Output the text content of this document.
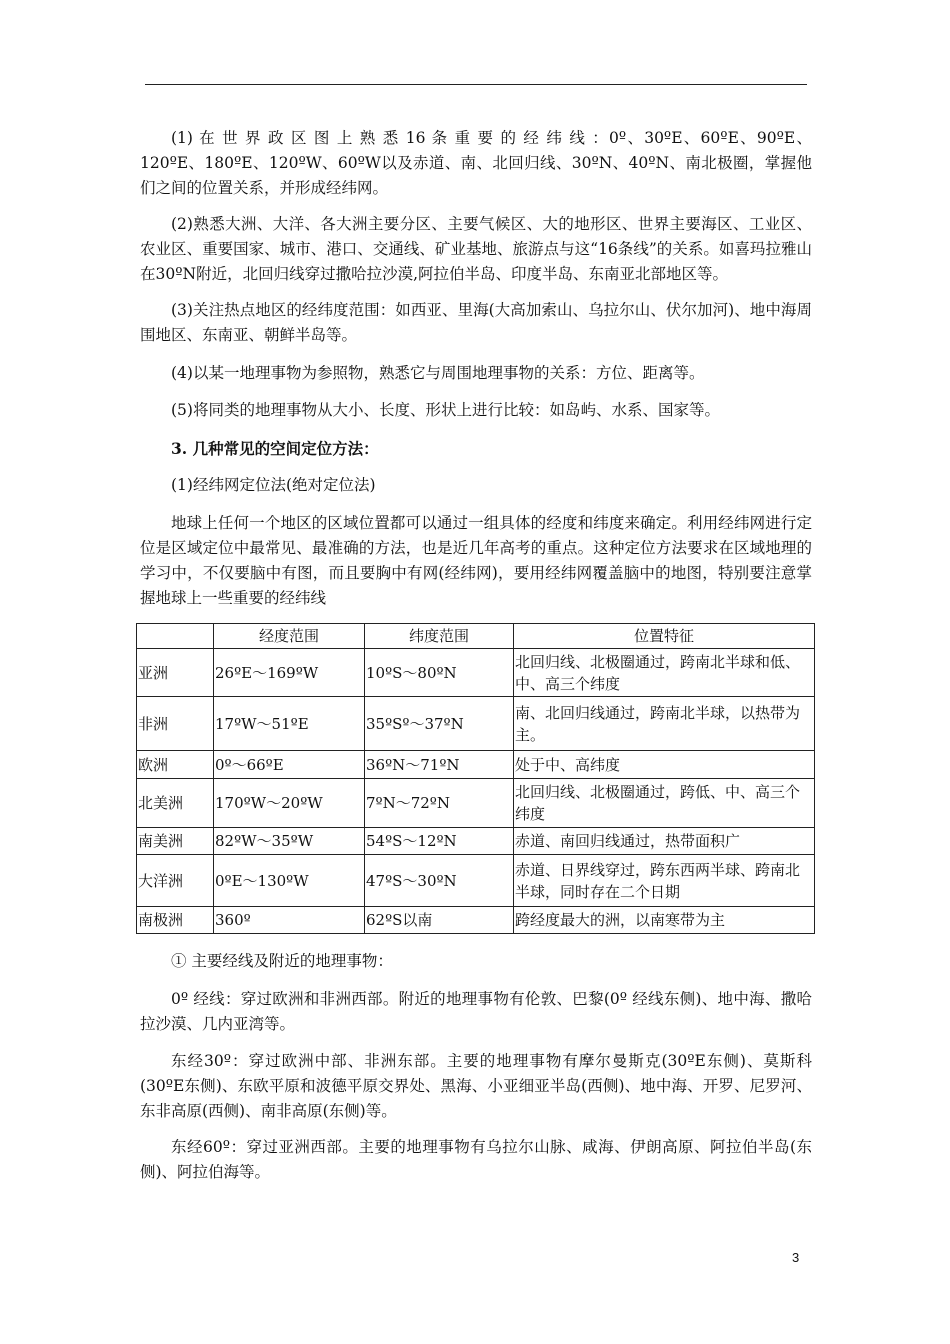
(1) 在 世 界 政 区 图 上 熟 悉 16 条 重 要 的 经 纬 线 ：0º、30ºE、60ºE、90ºE、120ºE、180ºE、120ºW、60ºW以及赤道、南、北回归线、30ºN、40ºN、南北极圈，掌握他们之间的位置关系，并形成经纬网。

(2)熟悉大洲、大洋、各大洲主要分区、主要气候区、大的地形区、世界主要海区、工业区、农业区、重要国家、城市、港口、交通线、矿业基地、旅游点与这“16条线”的关系。如喜玛拉雅山在30ºN附近，北回归线穿过撒哈拉沙漠,阿拉伯半岛、印度半岛、东南亚北部地区等。

(3)关注热点地区的经纬度范围：如西亚、里海(大高加索山、乌拉尔山、伏尔加河)、地中海周围地区、东南亚、朝鲜半岛等。

(4)以某一地理事物为参照物，熟悉它与周围地理事物的关系：方位、距离等。

(5)将同类的地理事物从大小、长度、形状上进行比较：如岛屿、水系、国家等。

3. 几种常见的空间定位方法：

(1)经纬网定位法(绝对定位法)

地球上任何一个地区的区域位置都可以通过一组具体的经度和纬度来确定。利用经纬网进行定位是区域定位中最常见、最准确的方法，也是近几年高考的重点。这种定位方法要求在区域地理的学习中，不仅要脑中有图，而且要胸中有网(经纬网)，要用经纬网覆盖脑中的地图，特别要注意掌握地球上一些重要的经纬线

	经度范围	纬度范围	位置特征
亚洲	26ºE～169ºW	10ºS～80ºN	北回归线、北极圈通过，跨南北半球和低、中、高三个纬度
非洲	17ºW～51ºE	35ºSº～37ºN	南、北回归线通过，跨南北半球，以热带为主。
欧洲	0º～66ºE	36ºN～71ºN	处于中、高纬度
北美洲	170ºW～20ºW	7ºN～72ºN	北回归线、北极圈通过，跨低、中、高三个纬度
南美洲	82ºW～35ºW	54ºS～12ºN	赤道、南回归线通过，热带面积广
大洋洲	0ºE～130ºW	47ºS～30ºN	赤道、日界线穿过，跨东西两半球、跨南北半球，同时存在二个日期
南极洲	360º	62ºS以南	跨经度最大的洲，以南寒带为主

① 主要经线及附近的地理事物：

0º 经线：穿过欧洲和非洲西部。附近的地理事物有伦敦、巴黎(0º 经线东侧)、地中海、撒哈拉沙漠、几内亚湾等。

东经30º：穿过欧洲中部、非洲东部。主要的地理事物有摩尔曼斯克(30ºE东侧)、莫斯科(30ºE东侧)、东欧平原和波德平原交界处、黑海、小亚细亚半岛(西侧)、地中海、开罗、尼罗河、东非高原(西侧)、南非高原(东侧)等。

东经60º：穿过亚洲西部。主要的地理事物有乌拉尔山脉、咸海、伊朗高原、阿拉伯半岛(东侧)、阿拉伯海等。

3
